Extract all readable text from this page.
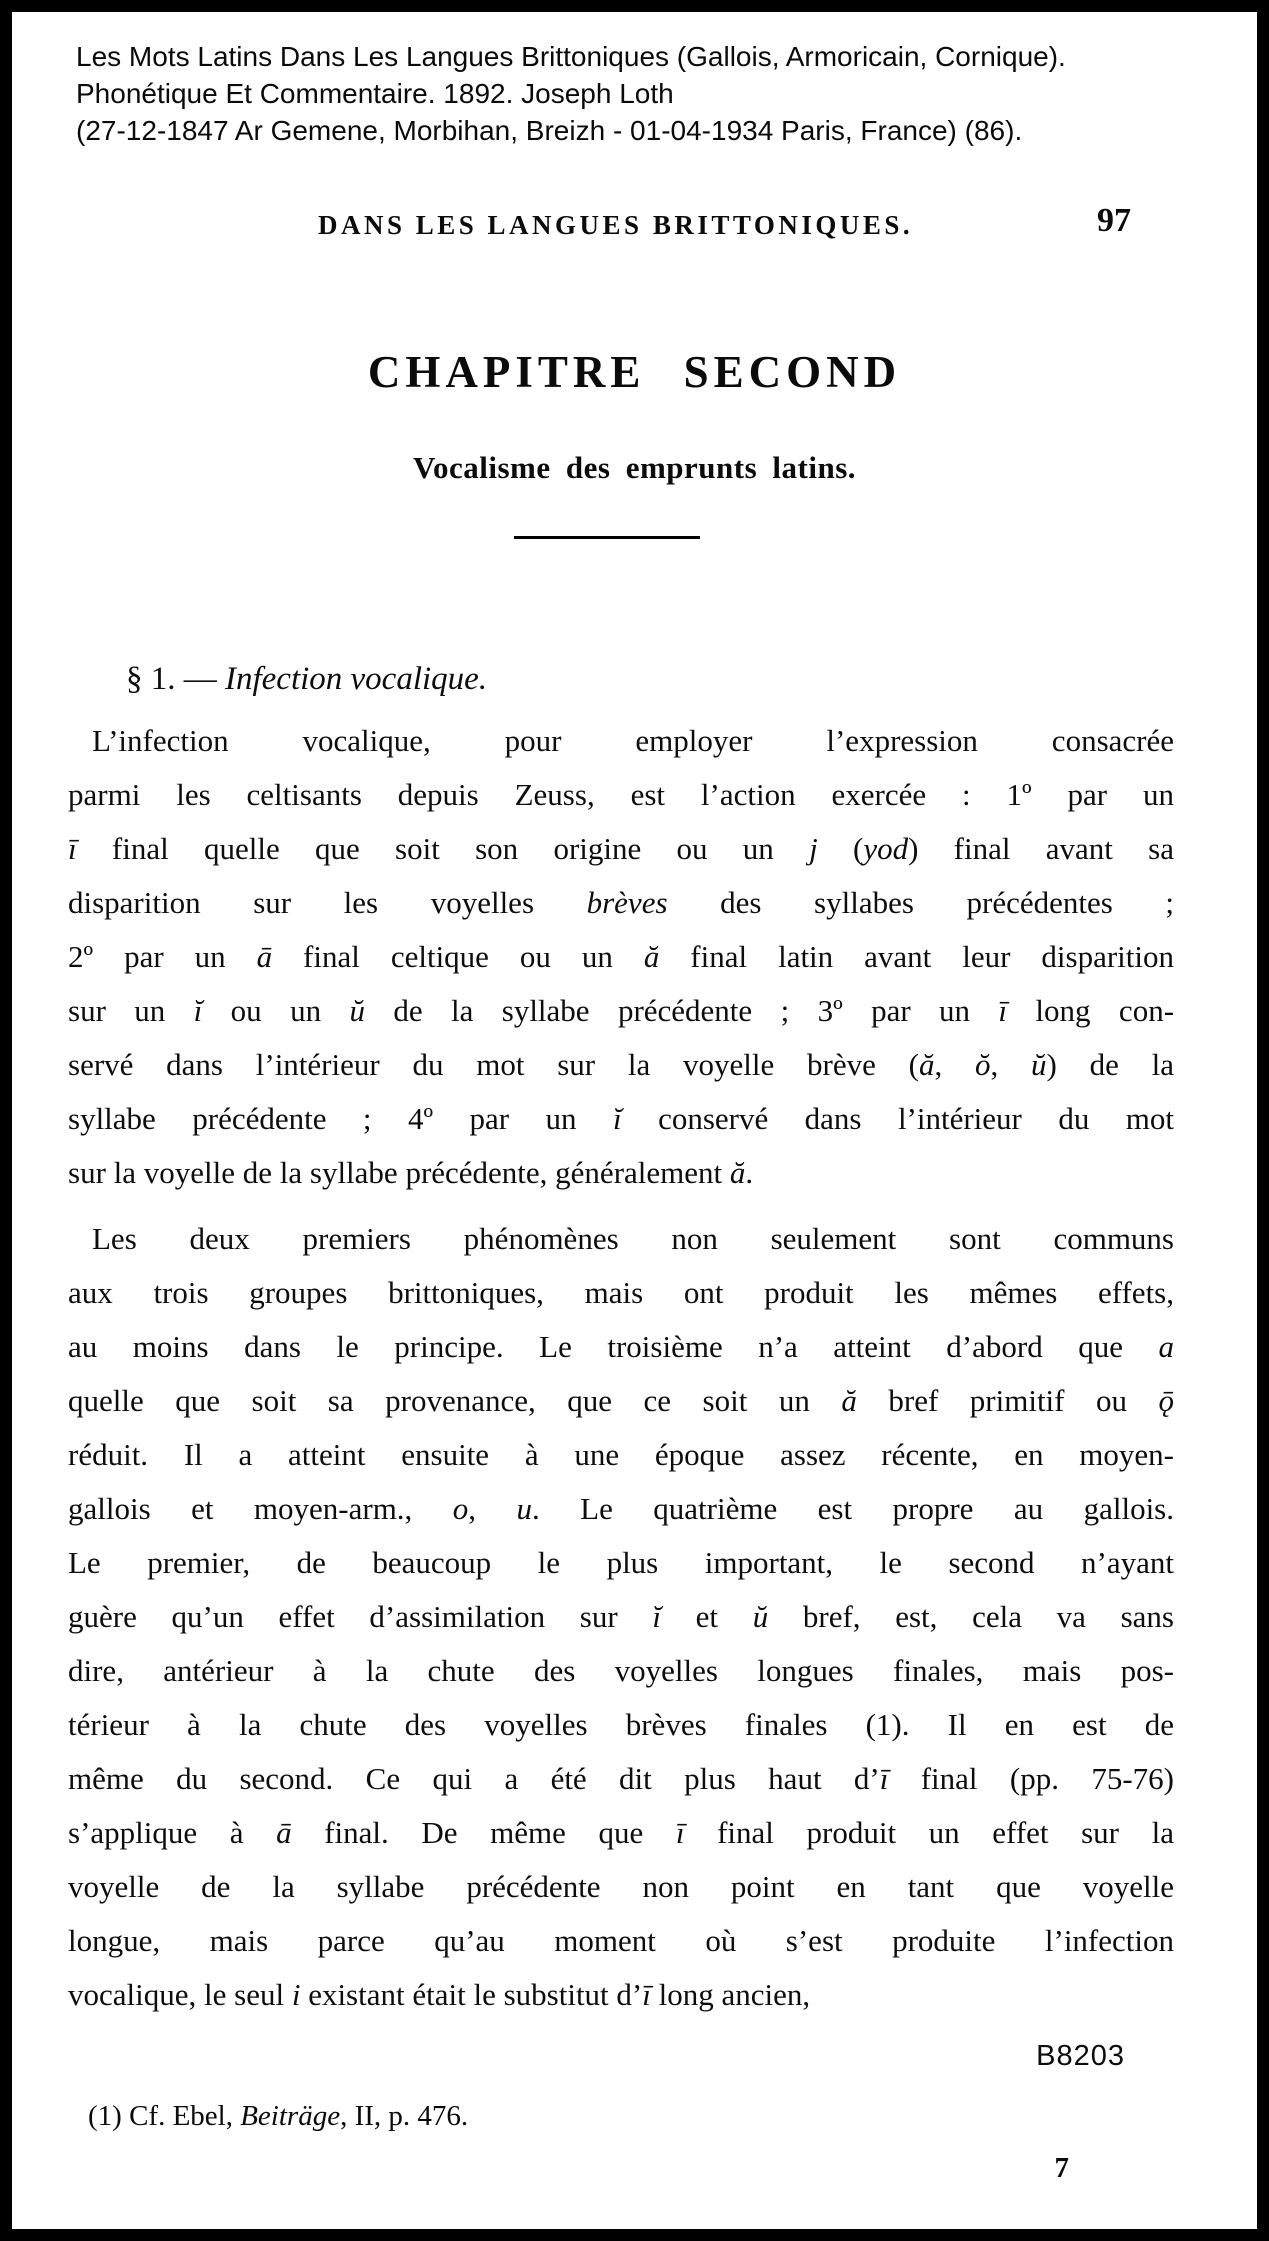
Les Mots Latins Dans Les Langues Brittoniques (Gallois, Armoricain, Cornique).
Phonétique Et Commentaire. 1892. Joseph Loth
(27-12-1847 Ar Gemene, Morbihan, Breizh - 01-04-1934 Paris, France) (86).
DANS LES LANGUES BRITTONIQUES.	97
CHAPITRE SECOND
Vocalisme des emprunts latins.
§ 1. — Infection vocalique.
L’infection vocalique, pour employer l’expression consacrée
parmi les celtisants depuis Zeuss, est l’action exercée : 1º par un
ī final quelle que soit son origine ou un j (yod) final avant sa
disparition sur les voyelles brèves des syllabes précédentes ;
2º par un ā final celtique ou un ă final latin avant leur disparition
sur un ĭ ou un ŭ de la syllabe précédente ; 3º par un ī long con-
servé dans l’intérieur du mot sur la voyelle brève (ă, ŏ, ŭ) de la
syllabe précédente ; 4º par un ĭ conservé dans l’intérieur du mot
sur la voyelle de la syllabe précédente, généralement ă.
Les deux premiers phénomènes non seulement sont communs
aux trois groupes brittoniques, mais ont produit les mêmes effets,
au moins dans le principe. Le troisième n’a atteint d’abord que a
quelle que soit sa provenance, que ce soit un ă bref primitif ou ǭ
réduit. Il a atteint ensuite à une époque assez récente, en moyen-
gallois et moyen-arm., o, u. Le quatrième est propre au gallois.
Le premier, de beaucoup le plus important, le second n’ayant
guère qu’un effet d’assimilation sur ĭ et ŭ bref, est, cela va sans
dire, antérieur à la chute des voyelles longues finales, mais pos-
térieur à la chute des voyelles brèves finales (1). Il en est de
même du second. Ce qui a été dit plus haut d’ī final (pp. 75-76)
s’applique à ā final. De même que ī final produit un effet sur la
voyelle de la syllabe précédente non point en tant que voyelle
longue, mais parce qu’au moment où s’est produite l’infection
vocalique, le seul i existant était le substitut d’ī long ancien,
B8203
(1) Cf. Ebel, Beiträge, II, p. 476.
7
